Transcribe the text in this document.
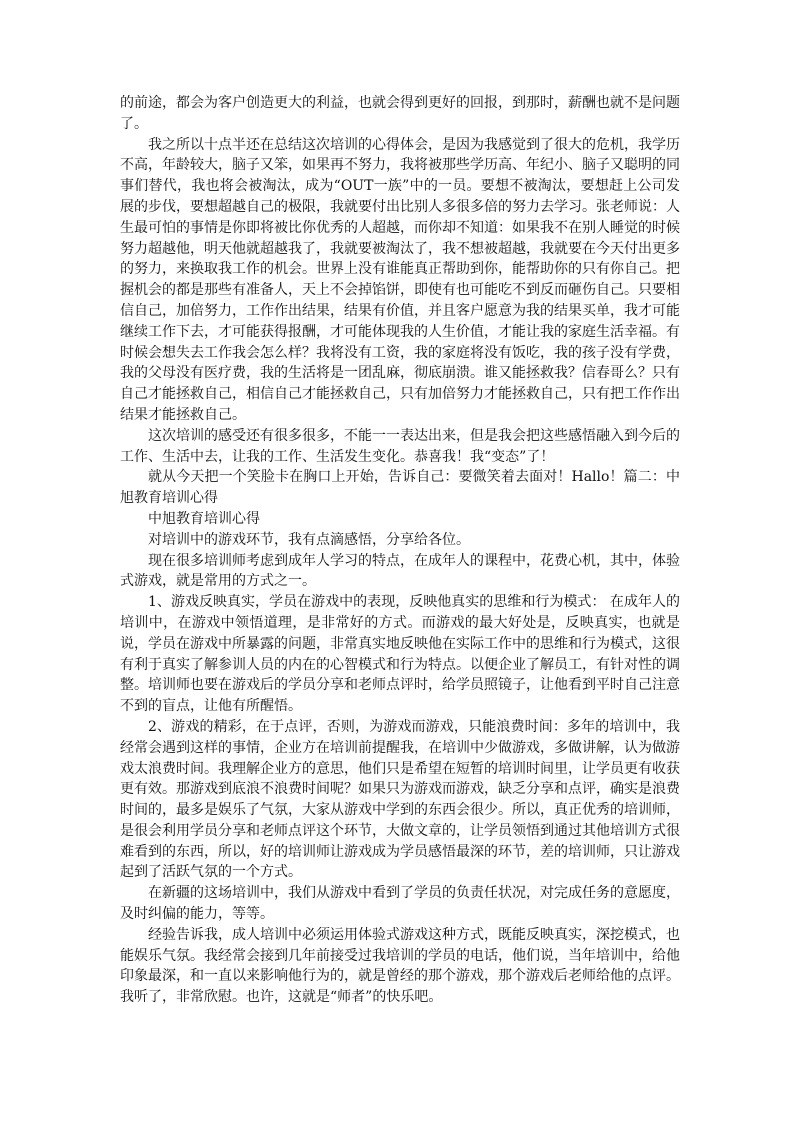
的前途，都会为客户创造更大的利益，也就会得到更好的回报，到那时，薪酬也就不是问题了。

我之所以十点半还在总结这次培训的心得体会，是因为我感觉到了很大的危机，我学历不高，年龄较大，脑子又笨，如果再不努力，我将被那些学历高、年纪小、脑子又聪明的同事们替代，我也将会被淘汰，成为“OUT一族”中的一员。要想不被淘汰，要想赶上公司发展的步伐，要想超越自己的极限，我就要付出比别人多很多倍的努力去学习。张老师说：人生最可怕的事情是你即将被比你优秀的人超越，而你却不知道：如果我不在别人睡觉的时候努力超越他，明天他就超越我了，我就要被淘汰了，我不想被超越，我就要在今天付出更多的努力，来换取我工作的机会。世界上没有谁能真正帮助到你，能帮助你的只有你自己。把握机会的都是那些有准备人，天上不会掉馅饼，即使有也可能吃不到反而砸伤自己。只要相信自己，加倍努力，工作作出结果，结果有价值，并且客户愿意为我的结果买单，我才可能继续工作下去，才可能获得报酬，才可能体现我的人生价值，才能让我的家庭生活幸福。有时候会想失去工作我会怎么样？我将没有工资，我的家庭将没有饭吃，我的孩子没有学费，我的父母没有医疗费，我的生活将是一团乱麻，彻底崩溃。谁又能拯救我？信春哥么？只有自己才能拯救自己，相信自己才能拯救自己，只有加倍努力才能拯救自己，只有把工作作出结果才能拯救自己。

这次培训的感受还有很多很多，不能一一表达出来，但是我会把这些感悟融入到今后的工作、生活中去，让我的工作、生活发生变化。恭喜我！我“变态”了！

就从今天把一个笑脸卡在胸口上开始，告诉自己：要微笑着去面对！Hallo！篇二：中旭教育培训心得

中旭教育培训心得

对培训中的游戏环节，我有点滴感悟，分享给各位。

现在很多培训师考虑到成年人学习的特点，在成年人的课程中，花费心机，其中，体验式游戏，就是常用的方式之一。

1、游戏反映真实，学员在游戏中的表现，反映他真实的思维和行为模式： 在成年人的培训中，在游戏中领悟道理，是非常好的方式。而游戏的最大好处是，反映真实，也就是说，学员在游戏中所暴露的问题，非常真实地反映他在实际工作中的思维和行为模式，这很有利于真实了解参训人员的内在的心智模式和行为特点。以便企业了解员工，有针对性的调整。培训师也要在游戏后的学员分享和老师点评时，给学员照镜子，让他看到平时自己注意不到的盲点，让他有所醒悟。

2、游戏的精彩，在于点评，否则，为游戏而游戏，只能浪费时间：多年的培训中，我经常会遇到这样的事情，企业方在培训前提醒我，在培训中少做游戏，多做讲解，认为做游戏太浪费时间。我理解企业方的意思，他们只是希望在短暂的培训时间里，让学员更有收获更有效。那游戏到底浪不浪费时间呢？如果只为游戏而游戏，缺乏分享和点评，确实是浪费时间的，最多是娱乐了气氛，大家从游戏中学到的东西会很少。所以，真正优秀的培训师，是很会利用学员分享和老师点评这个环节，大做文章的，让学员领悟到通过其他培训方式很难看到的东西，所以，好的培训师让游戏成为学员感悟最深的环节，差的培训师，只让游戏起到了活跃气氛的一个方式。

在新疆的这场培训中，我们从游戏中看到了学员的负责任状况，对完成任务的意愿度，及时纠偏的能力，等等。

经验告诉我，成人培训中必须运用体验式游戏这种方式，既能反映真实，深挖模式，也能娱乐气氛。我经常会接到几年前接受过我培训的学员的电话，他们说，当年培训中，给他印象最深，和一直以来影响他行为的，就是曾经的那个游戏，那个游戏后老师给他的点评。我听了，非常欣慰。也许，这就是“师者”的快乐吧。
